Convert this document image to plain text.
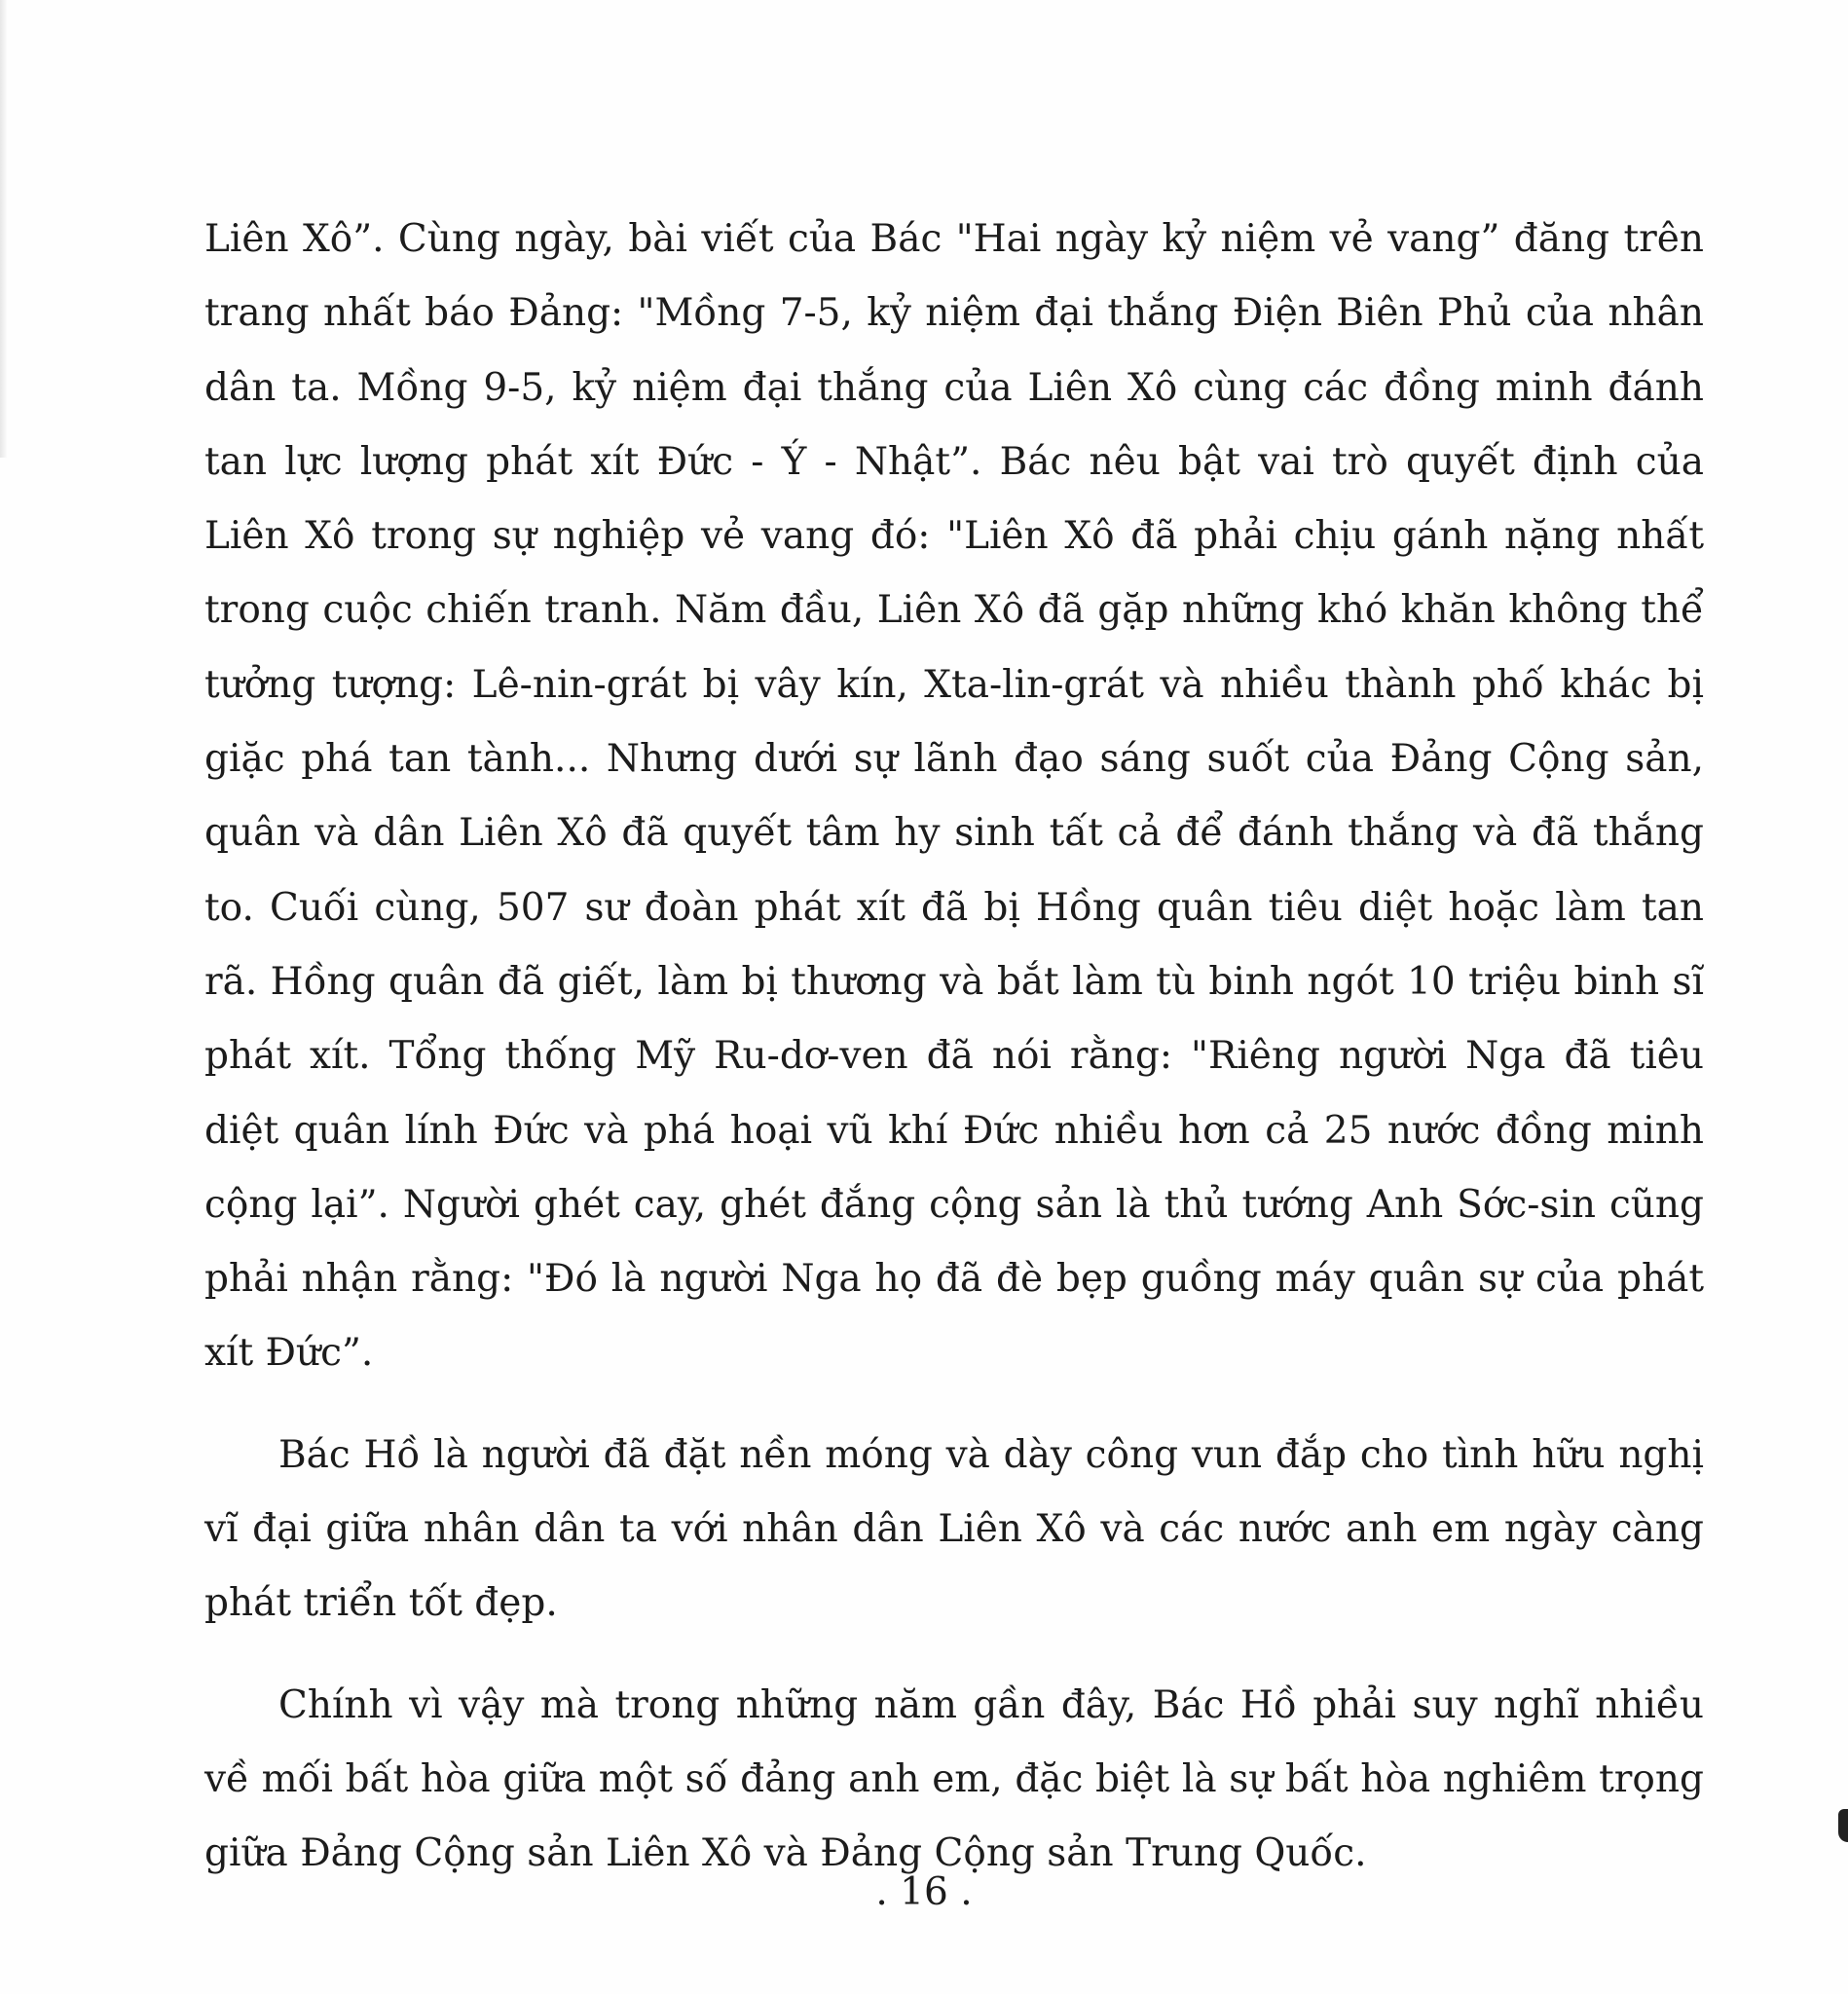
Liên Xô”. Cùng ngày, bài viết của Bác "Hai ngày kỷ niệm vẻ vang” đăng trên trang nhất báo Đảng: "Mồng 7-5, kỷ niệm đại thắng Điện Biên Phủ của nhân dân ta. Mồng 9-5, kỷ niệm đại thắng của Liên Xô cùng các đồng minh đánh tan lực lượng phát xít Đức - Ý - Nhật”. Bác nêu bật vai trò quyết định của Liên Xô trong sự nghiệp vẻ vang đó: "Liên Xô đã phải chịu gánh nặng nhất trong cuộc chiến tranh. Năm đầu, Liên Xô đã gặp những khó khăn không thể tưởng tượng: Lê-nin-grát bị vây kín, Xta-lin-grát và nhiều thành phố khác bị giặc phá tan tành... Nhưng dưới sự lãnh đạo sáng suốt của Đảng Cộng sản, quân và dân Liên Xô đã quyết tâm hy sinh tất cả để đánh thắng và đã thắng to. Cuối cùng, 507 sư đoàn phát xít đã bị Hồng quân tiêu diệt hoặc làm tan rã. Hồng quân đã giết, làm bị thương và bắt làm tù binh ngót 10 triệu binh sĩ phát xít. Tổng thống Mỹ Ru-dơ-ven đã nói rằng: "Riêng người Nga đã tiêu diệt quân lính Đức và phá hoại vũ khí Đức nhiều hơn cả 25 nước đồng minh cộng lại”. Người ghét cay, ghét đắng cộng sản là thủ tướng Anh Sớc-sin cũng phải nhận rằng: "Đó là người Nga họ đã đè bẹp guồng máy quân sự của phát xít Đức”.

Bác Hồ là người đã đặt nền móng và dày công vun đắp cho tình hữu nghị vĩ đại giữa nhân dân ta với nhân dân Liên Xô và các nước anh em ngày càng phát triển tốt đẹp.

Chính vì vậy mà trong những năm gần đây, Bác Hồ phải suy nghĩ nhiều về mối bất hòa giữa một số đảng anh em, đặc biệt là sự bất hòa nghiêm trọng giữa Đảng Cộng sản Liên Xô và Đảng Cộng sản Trung Quốc.

. 16 .
